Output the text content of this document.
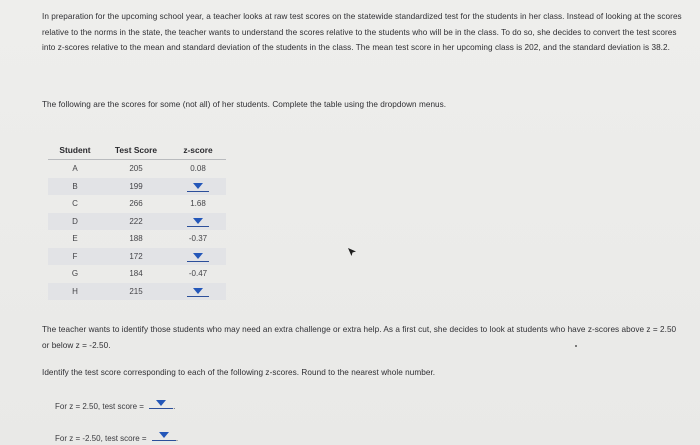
In preparation for the upcoming school year, a teacher looks at raw test scores on the statewide standardized test for the students in her class. Instead of looking at the scores relative to the norms in the state, the teacher wants to understand the scores relative to the students who will be in the class. To do so, she decides to convert the test scores into z-scores relative to the mean and standard deviation of the students in the class. The mean test score in her upcoming class is 202, and the standard deviation is 38.2.
The following are the scores for some (not all) of her students. Complete the table using the dropdown menus.
Student	Test Score	z-score
A	205	0.08
B	199	

C	266	1.68
D	222	

E	188	-0.37
F	172	

G	184	-0.47
H	215	
The teacher wants to identify those students who may need an extra challenge or extra help. As a first cut, she decides to look at students who have z-scores above z = 2.50 or below z = -2.50.
Identify the test score corresponding to each of the following z-scores. Round to the nearest whole number.
For z = 2.50, test score =	.
For z = -2.50, test score =	.
